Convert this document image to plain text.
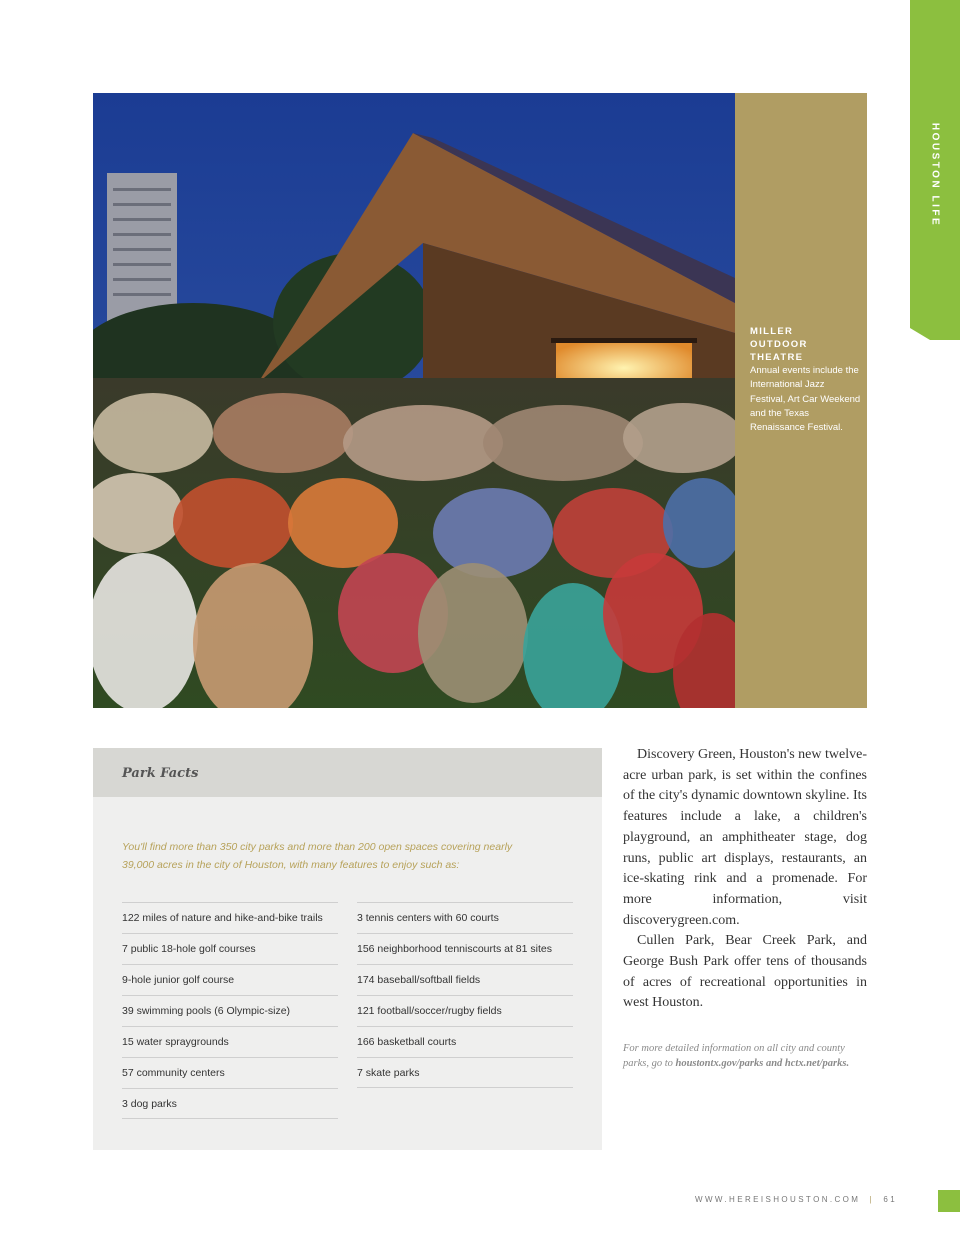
HOUSTON LIFE
MILLER
OUTDOOR
THEATRE
Annual events include the International Jazz Festival, Art Car Weekend and the Texas Renaissance Festival.
Park Facts
You'll find more than 350 city parks and more than 200 open spaces covering nearly 39,000 acres in the city of Houston, with many features to enjoy such as:
122 miles of nature and hike-and-bike trails
7 public 18-hole golf courses
9-hole junior golf course
39 swimming pools (6 Olympic-size)
15 water spraygrounds
57 community centers
3 dog parks
3 tennis centers with 60 courts
156 neighborhood tenniscourts at 81 sites
174 baseball/softball fields
121 football/soccer/rugby fields
166 basketball courts
7 skate parks

Discovery Green, Houston's new twelve-acre urban park, is set within the confines of the city's dynamic downtown skyline. Its features include a lake, a children's playground, an amphitheater stage, dog runs, public art displays, restaurants, an ice-skating rink and a promenade. For more information, visit discoverygreen.com.

Cullen Park, Bear Creek Park, and George Bush Park offer tens of thousands of acres of recreational opportunities in west Houston.

For more detailed information on all city and county parks, go to houstontx.gov/parks and hctx.net/parks.
WWW.HEREISHOUSTON.COM | 61
